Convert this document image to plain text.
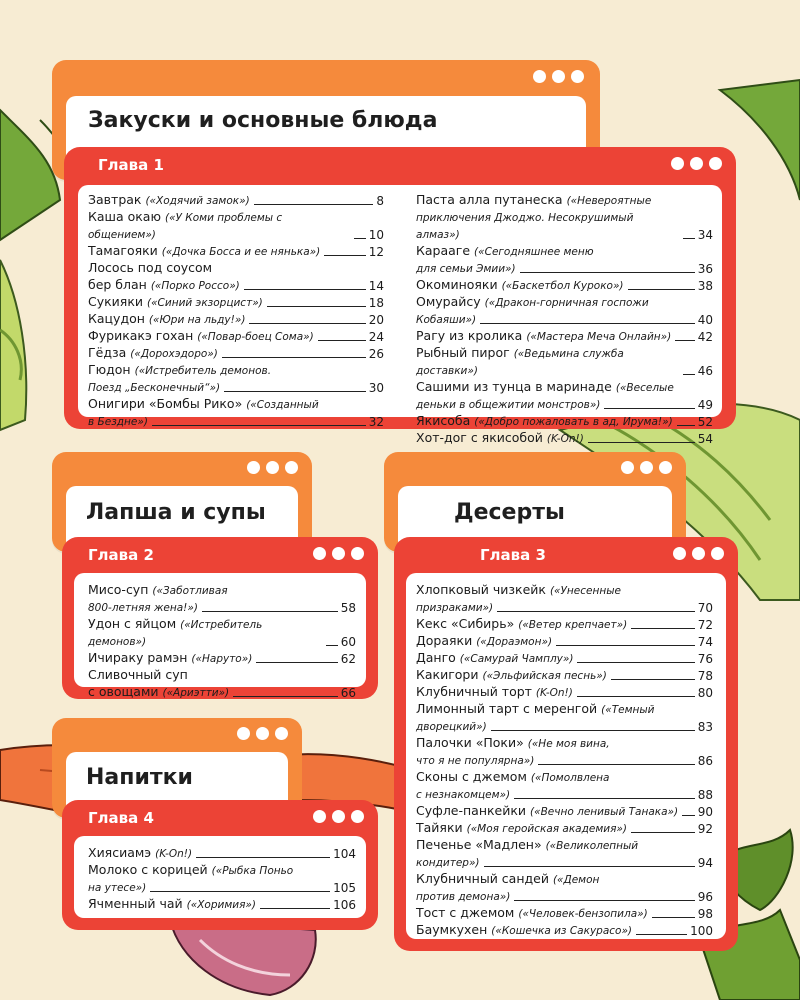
Закуски и основные блюда
Глава 1
Завтрак («Ходячий замок»)	8
Каша окаю («У Коми проблемы с общением»)	10
Тамагояки («Дочка Босса и ее нянька»)	12
Лосось под соусом
бер блан («Порко Россо»)	14
Сукияки («Синий экзорцист»)	18
Кацудон («Юри на льду!»)	20
Фурикакэ гохан («Повар-боец Сома»)	24
Гёдза («Дорохэдоро»)	26
Гюдон («Истребитель демонов.
Поезд „Бесконечный“»)	30
Онигири «Бомбы Рико» («Созданный
в Бездне»)	32
Паста алла путанеска («Невероятные
приключения Джоджо. Несокрушимый алмаз»)	34
Карааге («Сегодняшнее меню
для семьи Эмии»)	36
Окоминояки («Баскетбол Куроко»)	38
Омурайсу («Дракон-горничная госпожи
Кобаяши»)	40
Рагу из кролика («Мастера Меча Онлайн») 42
Рыбный пирог («Ведьмина служба доставки»)	46
Сашими из тунца в маринаде («Веселые
деньки в общежитии монстров»)	49
Якисоба («Добро пожаловать в ад, Ирума!») 52
Хот-дог с якисобой (K-On!)	54
Лапша и супы
Глава 2
Мисо-суп («Заботливая
800-летняя жена!»)	58
Удон с яйцом («Истребитель демонов»)	60
Ичираку рамэн («Наруто»)	62
Сливочный суп
с овощами («Ариэтти»)	66
Напитки
Глава 4
Хиясиамэ (K-On!)	104
Молоко с корицей («Рыбка Поньо
на утесе»)	105
Ячменный чай («Хоримия»)	106
Десерты
Глава 3
Хлопковый чизкейк («Унесенные
призраками»)	70
Кекс «Сибирь» («Ветер крепчает»)	72
Дораяки («Дораэмон»)	74
Данго («Самурай Чамплу»)	76
Какигори («Эльфийская песнь»)	78
Клубничный торт (K-On!)	80
Лимонный тарт с меренгой («Темный
дворецкий»)	83
Палочки «Поки» («Не моя вина,
что я не популярна»)	86
Сконы с джемом («Помолвлена
с незнакомцем»)	88
Суфле-панкейки («Вечно ленивый Танака») 90
Тайяки («Моя геройская академия»)	92
Печенье «Мадлен» («Великолепный
кондитер»)	94
Клубничный сандей («Демон
против демона»)	96
Тост с джемом («Человек-бензопила»)	98
Баумкухен («Кошечка из Сакурасо»)	100
